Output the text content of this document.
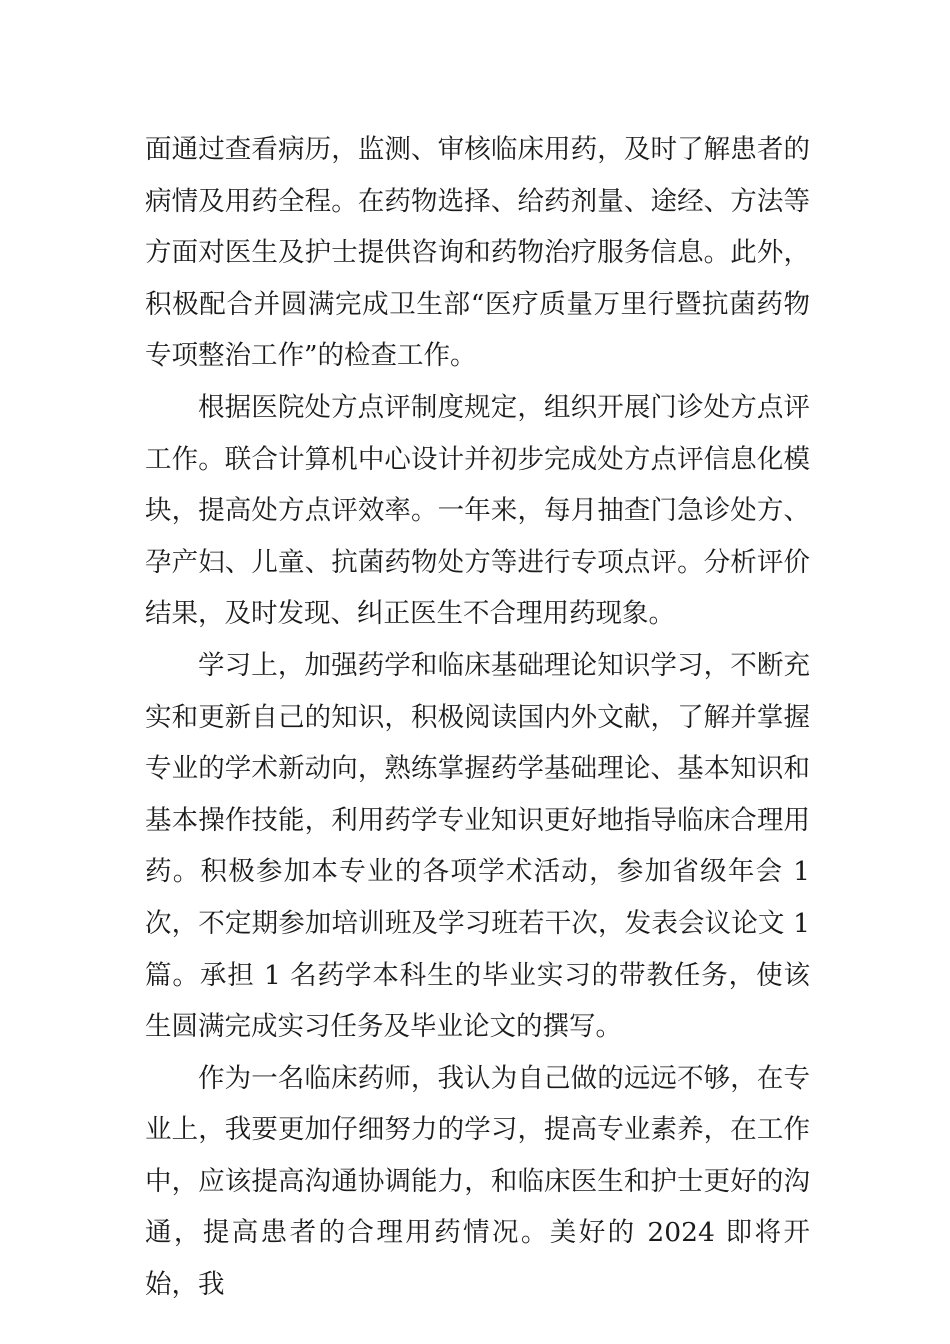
面通过查看病历，监测、审核临床用药，及时了解患者的病情及用药全程。在药物选择、给药剂量、途经、方法等方面对医生及护士提供咨询和药物治疗服务信息。此外，积极配合并圆满完成卫生部“医疗质量万里行暨抗菌药物专项整治工作”的检查工作。

根据医院处方点评制度规定，组织开展门诊处方点评工作。联合计算机中心设计并初步完成处方点评信息化模块，提高处方点评效率。一年来，每月抽查门急诊处方、孕产妇、儿童、抗菌药物处方等进行专项点评。分析评价结果，及时发现、纠正医生不合理用药现象。

学习上，加强药学和临床基础理论知识学习，不断充实和更新自己的知识，积极阅读国内外文献，了解并掌握专业的学术新动向，熟练掌握药学基础理论、基本知识和基本操作技能，利用药学专业知识更好地指导临床合理用药。积极参加本专业的各项学术活动，参加省级年会 1 次，不定期参加培训班及学习班若干次，发表会议论文 1 篇。承担 1 名药学本科生的毕业实习的带教任务，使该生圆满完成实习任务及毕业论文的撰写。

作为一名临床药师，我认为自己做的远远不够，在专业上，我要更加仔细努力的学习，提高专业素养，在工作中，应该提高沟通协调能力，和临床医生和护士更好的沟通，提高患者的合理用药情况。美好的 2024 即将开始，我
